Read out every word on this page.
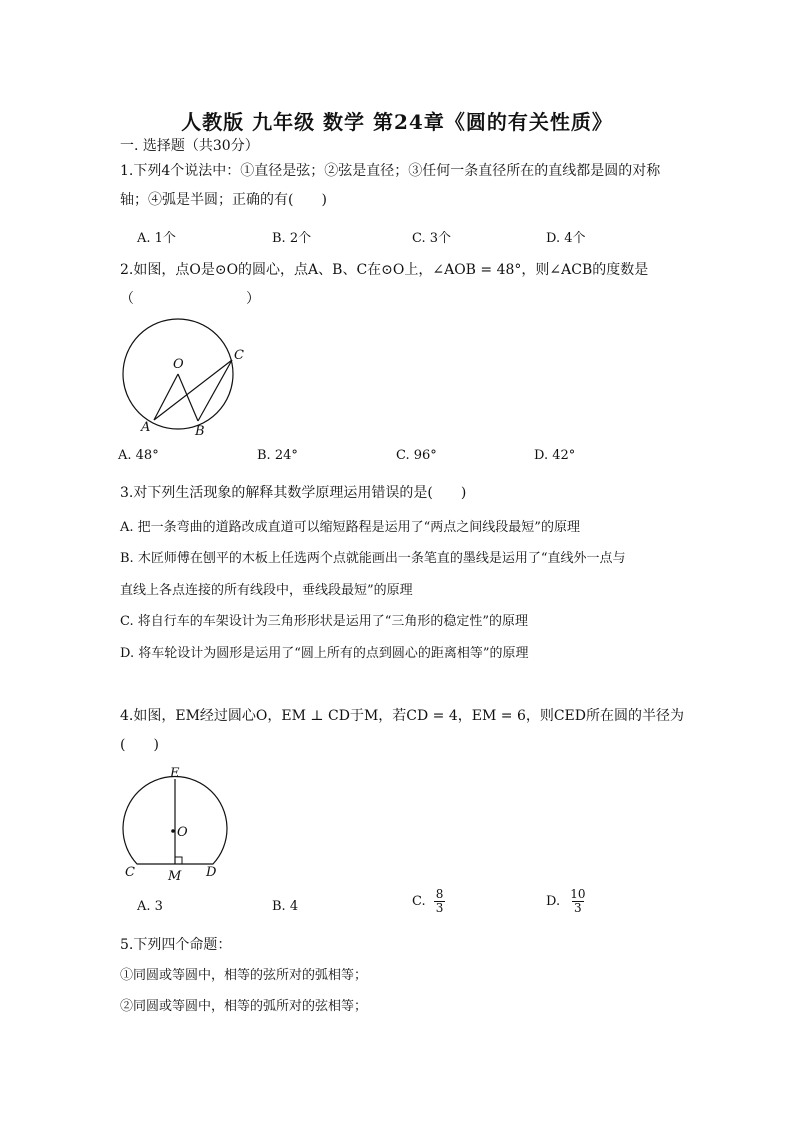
人教版 九年级 数学 第24章《圆的有关性质》
一. 选择题（共30分）
1.下列4个说法中：①直径是弦；②弦是直径；③任何一条直径所在的直线都是圆的对称
轴；④弧是半圆；正确的有(　　)
A. 1个	B. 2个	C. 3个	D. 4个
2.如图，点O是⊙O的圆心，点A、B、C在⊙O上，∠AOB = 48°，则∠ACB的度数是
（　　　　　　　　）
O
A	B
C
A. 48°	B. 24°	C. 96°	D. 42°
3.对下列生活现象的解释其数学原理运用错误的是(　　)
A. 把一条弯曲的道路改成直道可以缩短路程是运用了“两点之间线段最短”的原理
B. 木匠师傅在刨平的木板上任选两个点就能画出一条笔直的墨线是运用了“直线外一点与
直线上各点连接的所有线段中，垂线段最短”的原理
C. 将自行车的车架设计为三角形形状是运用了“三角形的稳定性”的原理
D. 将车轮设计为圆形是运用了“圆上所有的点到圆心的距离相等”的原理
4.如图，EM经过圆心O，EM ⊥ CD于M，若CD = 4，EM = 6，则CED所在圆的半径为
(　　)
E
O
C	M D
A. 3	B. 4	C. $\frac{8}{3}$	D. $\frac{10}{3}$
5.下列四个命题：
①同圆或等圆中，相等的弦所对的弧相等；
②同圆或等圆中，相等的弧所对的弦相等；
